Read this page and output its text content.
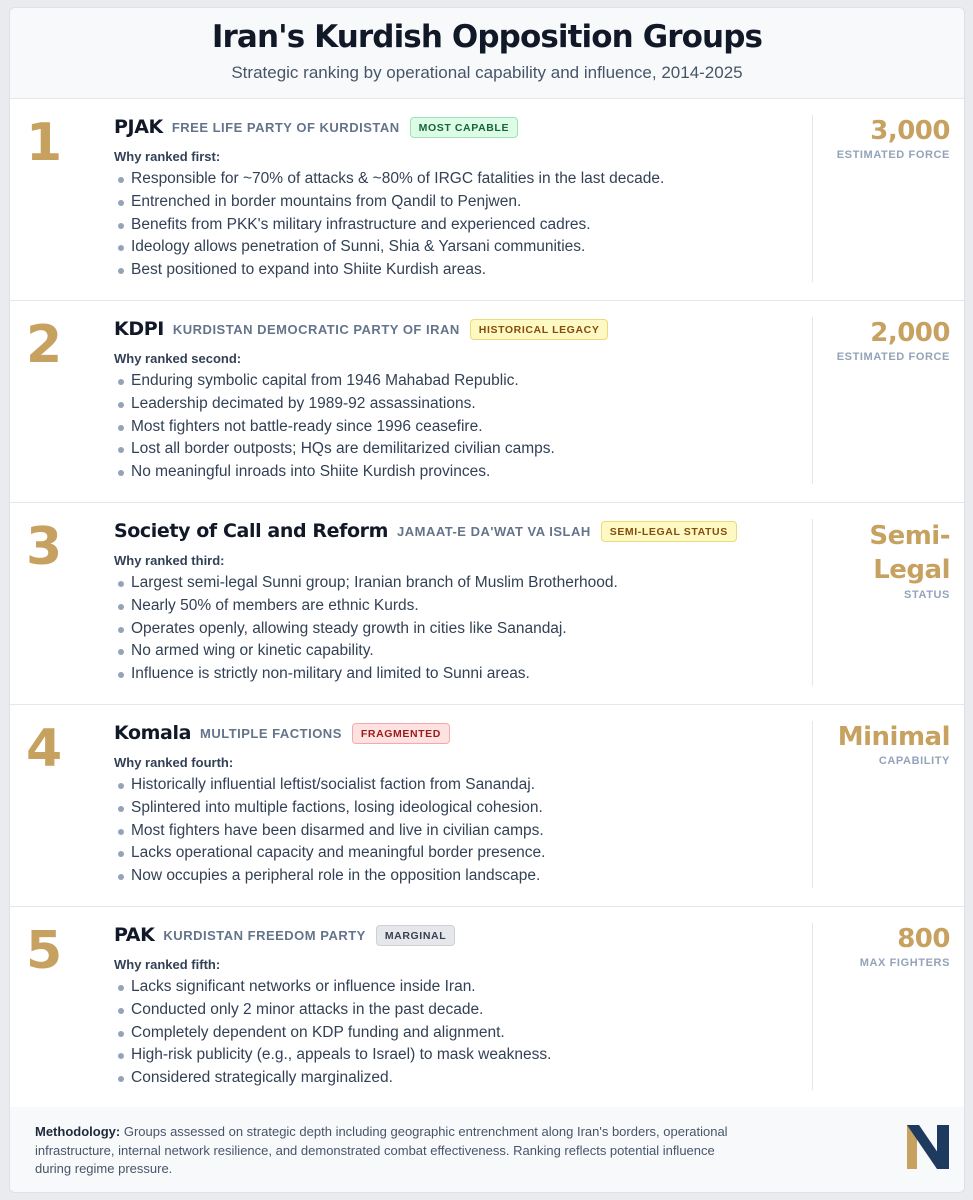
Iran's Kurdish Opposition Groups
Strategic ranking by operational capability and influence, 2014-2025
1	PJAK FREE LIFE PARTY OF KURDISTAN	MOST CAPABLE
Why ranked first:
Responsible for ~70% of attacks & ~80% of IRGC fatalities in the last decade.
Entrenched in border mountains from Qandil to Penjwen.
Benefits from PKK's military infrastructure and experienced cadres.
Ideology allows penetration of Sunni, Shia & Yarsani communities.
Best positioned to expand into Shiite Kurdish areas.
3,000
ESTIMATED FORCE
2	KDPI KURDISTAN DEMOCRATIC PARTY OF IRAN	HISTORICAL LEGACY
Why ranked second:
Enduring symbolic capital from 1946 Mahabad Republic.
Leadership decimated by 1989-92 assassinations.
Most fighters not battle-ready since 1996 ceasefire.
Lost all border outposts; HQs are demilitarized civilian camps.
No meaningful inroads into Shiite Kurdish provinces.
2,000
ESTIMATED FORCE
3	Society of Call and Reform JAMAAT-E DA'WAT VA ISLAH	SEMI-LEGAL STATUS
Why ranked third:
Largest semi-legal Sunni group; Iranian branch of Muslim Brotherhood.
Nearly 50% of members are ethnic Kurds.
Operates openly, allowing steady growth in cities like Sanandaj.
No armed wing or kinetic capability.
Influence is strictly non-military and limited to Sunni areas.
Semi-
Legal
STATUS
4	Komala MULTIPLE FACTIONS	FRAGMENTED
Why ranked fourth:
Historically influential leftist/socialist faction from Sanandaj.
Splintered into multiple factions, losing ideological cohesion.
Most fighters have been disarmed and live in civilian camps.
Lacks operational capacity and meaningful border presence.
Now occupies a peripheral role in the opposition landscape.
Minimal
CAPABILITY
5	PAK KURDISTAN FREEDOM PARTY	MARGINAL
Why ranked fifth:
Lacks significant networks or influence inside Iran.
Conducted only 2 minor attacks in the past decade.
Completely dependent on KDP funding and alignment.
High-risk publicity (e.g., appeals to Israel) to mask weakness.
Considered strategically marginalized.
800
MAX FIGHTERS
Methodology: Groups assessed on strategic depth including geographic entrenchment along Iran's borders, operational infrastructure, internal network resilience, and demonstrated combat effectiveness. Ranking reflects potential influence during regime pressure.
